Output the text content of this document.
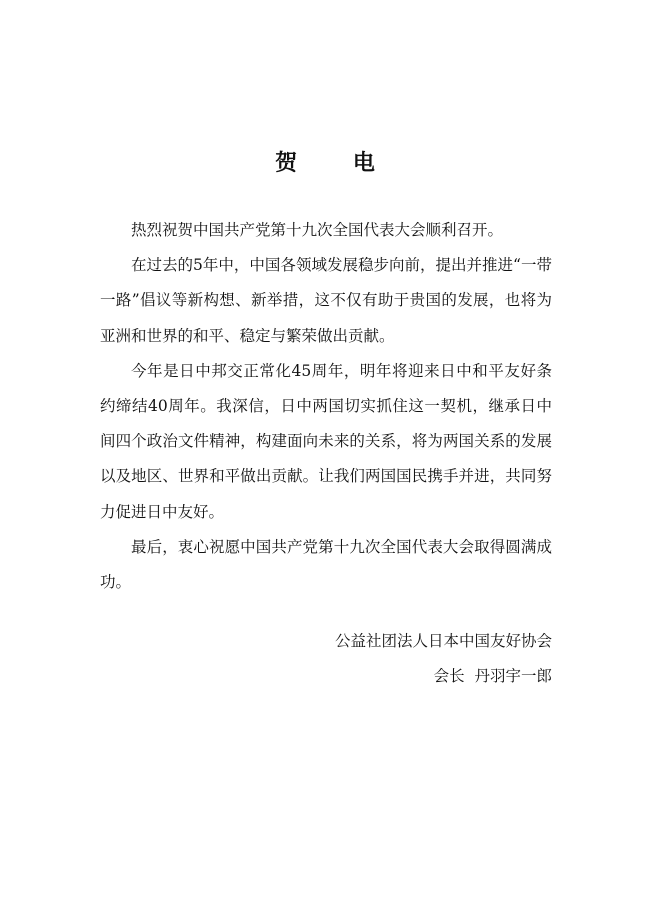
贺 电

热烈祝贺中国共产党第十九次全国代表大会顺利召开。

在过去的5年中，中国各领域发展稳步向前，提出并推进“一带一路”倡议等新构想、新举措，这不仅有助于贵国的发展，也将为亚洲和世界的和平、稳定与繁荣做出贡献。

今年是日中邦交正常化45周年，明年将迎来日中和平友好条约缔结40周年。我深信，日中两国切实抓住这一契机，继承日中间四个政治文件精神，构建面向未来的关系，将为两国关系的发展以及地区、世界和平做出贡献。让我们两国国民携手并进，共同努力促进日中友好。

最后，衷心祝愿中国共产党第十九次全国代表大会取得圆满成功。

公益社团法人日本中国友好协会
会长  丹羽宇一郎
